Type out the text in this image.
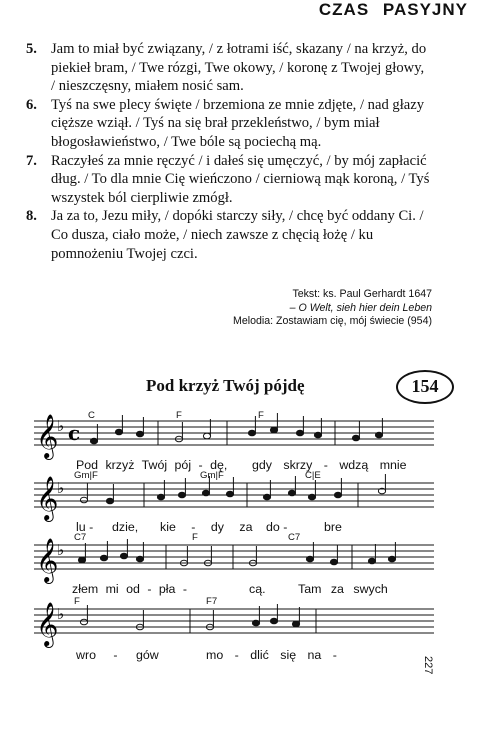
CZAS PASYJNY
5. Jam to miał być związany, / z łotrami iść, skazany / na krzyż, do piekieł bram, / Twe rózgi, Twe okowy, / koronę z Twojej głowy, / nieszczęsny, miałem nosić sam.
6. Tyś na swe plecy święte / brzemiona ze mnie zdjęte, / nad głazy cięższe wziął. / Tyś na się brał przekleństwo, / bym miał błogosławieństwo, / Twe bóle są pociechą mą.
7. Raczyłeś za mnie ręczyć / i dałeś się umęczyć, / by mój zapłacić dług. / To dla mnie Cię wieńczono / cierniową mąk koroną, / Tyś wszystek ból cierpliwie zmógł.
8. Ja za to, Jezu miły, / dopóki starczy siły, / chcę być oddany Ci. / Co dusza, ciało może, / niech zawsze z chęcią łożę / ku pomnożeniu Twojej czci.
Tekst: ks. Paul Gerhardt 1647
– O Welt, sieh hier dein Leben
Melodia: Zostawiam cię, mój świecie (954)
Pod krzyż Twój pójdę	154
𝄞
♭ c
𝄞
♭
𝄞
♭
𝄞
♭
C	F	F
Gm|F	Gm|F	C|E
C7	F	C7
F	F7
Pod krzyż Twój pój - dę, gdy skrzy - wdzą mnie
lu - dzie, kie - dy za do -	bre
złem mi od - pła -	cą.	Tam za swych
wro - gów	mo - dlić się na -
227
